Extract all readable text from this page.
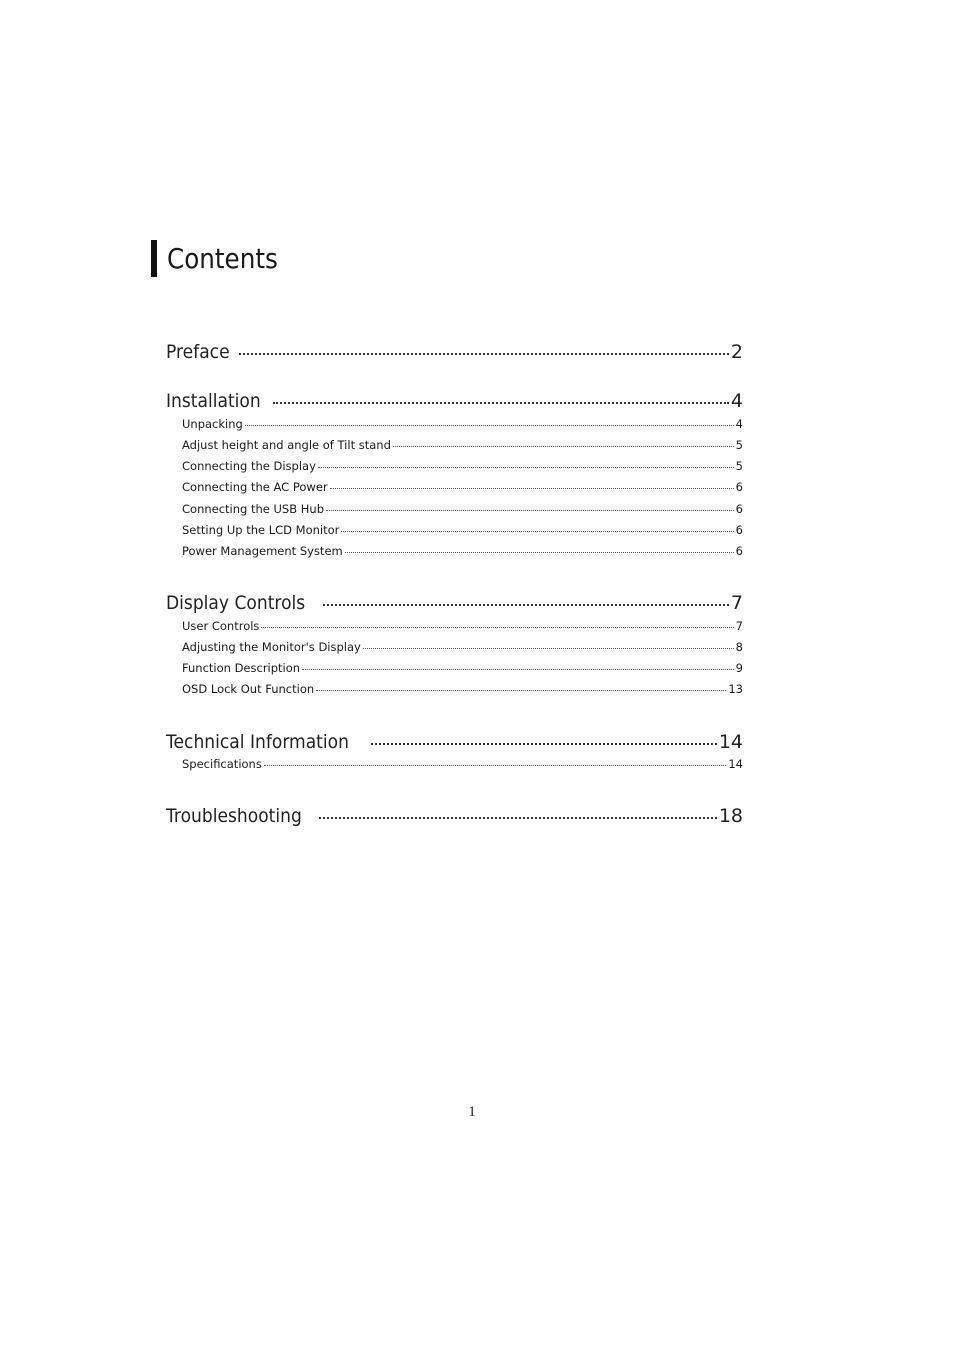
Contents
Preface	2
Installation	4
Unpacking	4
Adjust height and angle of Tilt stand	5
Connecting the Display	5
Connecting the AC Power	6
Connecting the USB Hub	6
Setting Up the LCD Monitor	6
Power Management System	6
Display Controls	7
User Controls	7
Adjusting the Monitor's Display	8
Function Description	9
OSD Lock Out Function	13
Technical Information	14
Specifications	14
Troubleshooting	18
1
